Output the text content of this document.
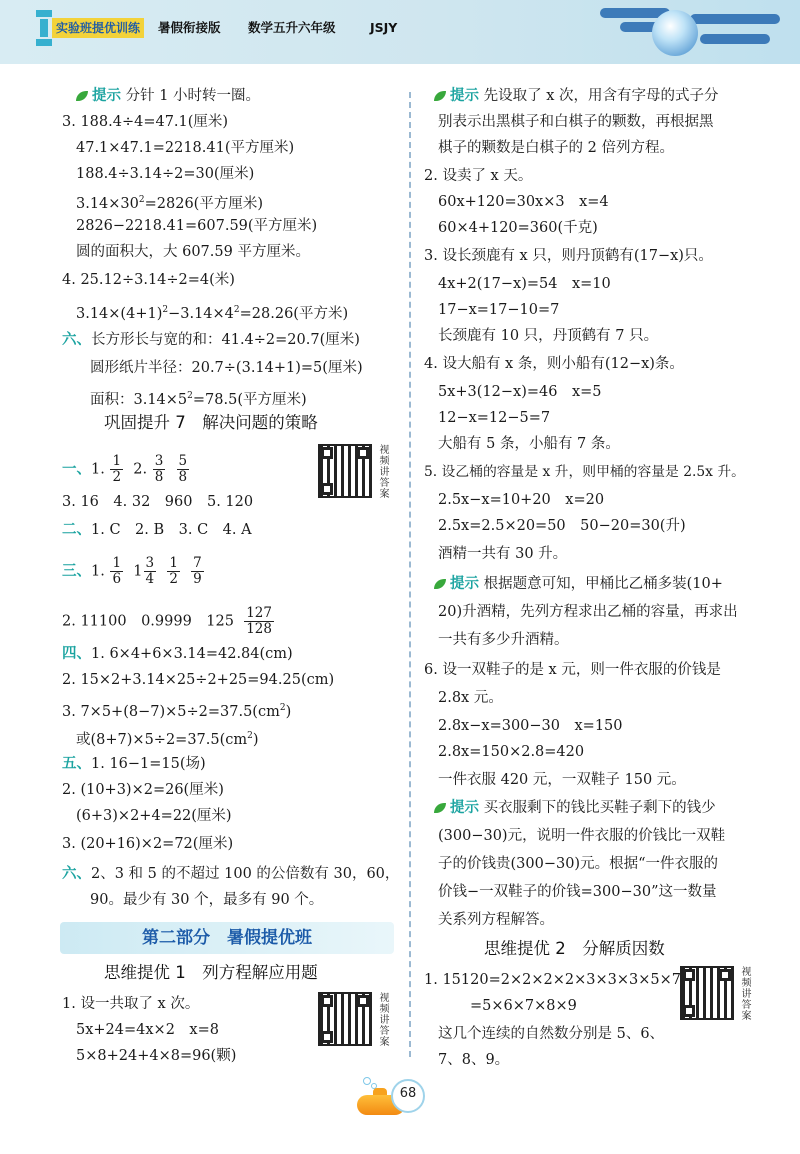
实验班提优训练	暑假衔接版 数学五升六年级	JSJY
提示 分针 1 小时转一圈。
3. 188.4÷4=47.1(厘米)
47.1×47.1=2218.41(平方厘米)
188.4÷3.14÷2=30(厘米)
$3.14\times 30^2=2826$(平方厘米)
2826−2218.41=607.59(平方厘米)
圆的面积大，大 607.59 平方厘米。
4. 25.12÷3.14÷2=4(米)
$3.14\times(4+1)^2-3.14\times 4^2=28.26$(平方米)
六、长方形长与宽的和：41.4÷2=20.7(厘米)
圆形纸片半径：20.7÷(3.14+1)=5(厘米)
面积：$3.14\times 5^2=78.5$(平方厘米)
巩固提升 7　解决问题的策略
视频讲答案
一、1. $\frac{1}{2} 2$. $\frac{3}{8}$
$\frac{5}{8}$
3. 16　4. 32　960　5. 120
二、1. C　2. B　3. C　4. A
三、1. $\frac{1}{6} 1 \frac{3}{4}$
$\frac{1}{2}$
$\frac{7}{9}$
2. 11100　0.9999　$125 \frac{127}{128}$
四、1. 6×4+6×3.14=42.84(cm)
2. 15×2+3.14×25÷2+25=94.25(cm)
3. $7\times 5+(8-7)\times 5\div 2=37.5(cm^2)$
或$(8+7)\times 5\div 2=37.5(cm^2)$
五、1. 16−1=15(场)
2. (10+3)×2=26(厘米)
(6+3)×2+4=22(厘米)
3. (20+16)×2=72(厘米)
六、2、3 和 5 的不超过 100 的公倍数有 30，60，
90。最少有 30 个，最多有 90 个。
第二部分　暑假提优班
思维提优 1　列方程解应用题
视频讲答案
1. 设一共取了 x 次。
5x+24=4x×2　x=8
5×8+24+4×8=96(颗)
提示 先设取了 x 次，用含有字母的式子分
别表示出黑棋子和白棋子的颗数，再根据黑
棋子的颗数是白棋子的 2 倍列方程。
2. 设卖了 x 天。
60x+120=30x×3　x=4
60×4+120=360(千克)
3. 设长颈鹿有 x 只，则丹顶鹤有(17−x)只。
4x+2(17−x)=54　x=10
17−x=17−10=7
长颈鹿有 10 只，丹顶鹤有 7 只。
4. 设大船有 x 条，则小船有(12−x)条。
5x+3(12−x)=46　x=5
12−x=12−5=7
大船有 5 条，小船有 7 条。
5. 设乙桶的容量是 x 升，则甲桶的容量是 2.5x 升。
2.5x−x=10+20　x=20
2.5x=2.5×20=50　50−20=30(升)
酒精一共有 30 升。
提示 根据题意可知，甲桶比乙桶多装(10+
20)升酒精，先列方程求出乙桶的容量，再求出
一共有多少升酒精。
6. 设一双鞋子的是 x 元，则一件衣服的价钱是
2.8x 元。
2.8x−x=300−30　x=150
2.8x=150×2.8=420
一件衣服 420 元，一双鞋子 150 元。
提示 买衣服剩下的钱比买鞋子剩下的钱少
(300−30)元，说明一件衣服的价钱比一双鞋
子的价钱贵(300−30)元。根据“一件衣服的
价钱−一双鞋子的价钱=300−30”这一数量
关系列方程解答。
思维提优 2　分解质因数
视频讲答案
1. 15120=2×2×2×2×3×3×3×5×7
=5×6×7×8×9
这几个连续的自然数分别是 5、6、
7、8、9。
68
